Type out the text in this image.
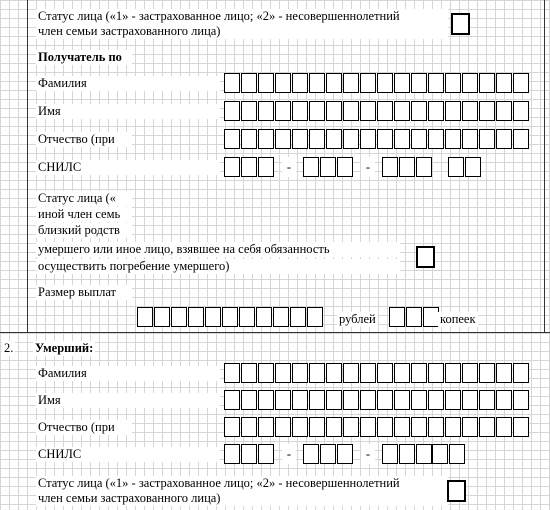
Статус лица («1» - застрахованное лицо; «2» - несовершеннолетний
член семьи застрахованного лица)
Получатель по
Фамилия
Имя
Отчество (при
СНИЛС	-	-
Статус лица («
иной член семь
близкий родств
умершего или иное лицо, взявшее на себя обязанность
осуществить погребение умершего)
Размер выплат
рублей	копеек
2. Умерший:
Фамилия
Имя
Отчество (при
СНИЛС	-	-
Статус лица («1» - застрахованное лицо; «2» - несовершеннолетний
член семьи застрахованного лица)
